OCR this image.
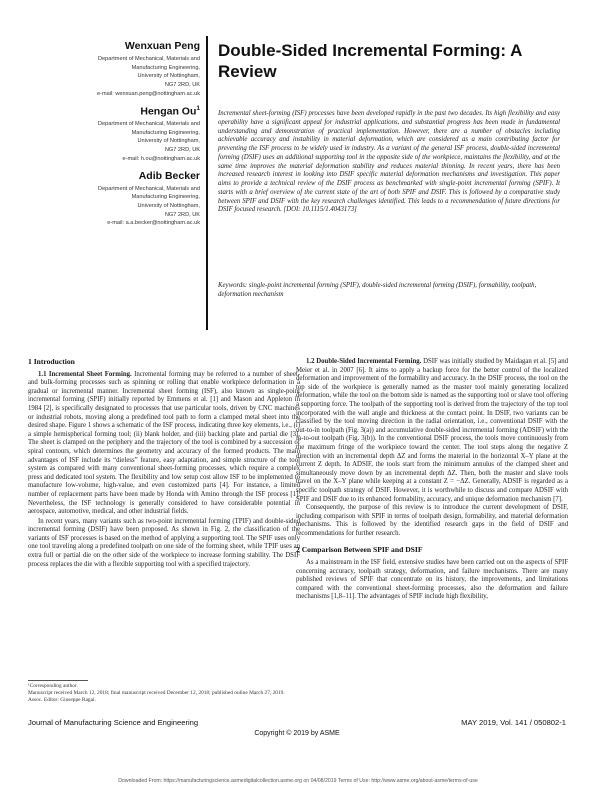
Wenxuan Peng
Department of Mechanical, Materials and
Manufacturing Engineering,
University of Nottingham,
NG7 2RD, UK
e-mail: wenxuan.peng@nottingham.ac.uk
Hengan Ou$^1$
Department of Mechanical, Materials and
Manufacturing Engineering,
University of Nottingham,
NG7 2RD, UK
e-mail: h.ou@nottingham.ac.uk
Adib Becker
Department of Mechanical, Materials and
Manufacturing Engineering,
University of Nottingham,
NG7 2RD, UK
e-mail: a.a.becker@nottingham.ac.uk
Double-Sided Incremental Forming: A Review
Incremental sheet-forming (ISF) processes have been developed rapidly in the past two decades. Its high flexibility and easy operability have a significant appeal for industrial applications, and substantial progress has been made in fundamental understanding and demonstration of practical implementation. However, there are a number of obstacles including achievable accuracy and instability in material deformation, which are considered as a main contributing factor for preventing the ISF process to be widely used in industry. As a variant of the general ISF process, double-sided incremental forming (DSIF) uses an additional supporting tool in the opposite side of the workpiece, maintains the flexibility, and at the same time improves the material deformation stability and reduces material thinning. In recent years, there has been increased research interest in looking into DSIF specific material deformation mechanisms and investigation. This paper aims to provide a technical review of the DSIF process as benchmarked with single-point incremental forming (SPIF). It starts with a brief overview of the current state of the art of both SPIF and DSIF. This is followed by a comparative study between SPIF and DSIF with the key research challenges identified. This leads to a recommendation of future directions for DSIF focused research. [DOI: 10.1115/1.4043173]
Keywords: single-point incremental forming (SPIF), double-sided incremental forming (DSIF), formability, toolpath, deformation mechanism
1 Introduction

1.1 Incremental Sheet Forming. Incremental forming may be referred to a number of sheet- and bulk-forming processes such as spinning or rolling that enable workpiece deformation in a gradual or incremental manner. Incremental sheet forming (ISF), also known as single-point incremental forming (SPIF) initially reported by Emmens et al. [1] and Mason and Appleton in 1984 [2], is specifically designated to processes that use particular tools, driven by CNC machines or industrial robots, moving along a predefined tool path to form a clamped metal sheet into the desired shape. Figure 1 shows a schematic of the ISF process, indicating three key elements, i.e., (i) a simple hemispherical forming tool; (ii) blank holder, and (iii) backing plate and partial die [3]. The sheet is clamped on the periphery and the trajectory of the tool is combined by a succession of spiral contours, which determines the geometry and accuracy of the formed products. The main advantages of ISF include its “dieless” feature, easy adaptation, and simple structure of the tool system as compared with many conventional sheet-forming processes, which require a complex press and dedicated tool system. The flexibility and low setup cost allow ISF to be implemented to manufacture low-volume, high-value, and even customized parts [4]. For instance, a limited number of replacement parts have been made by Honda with Amino through the ISF process [1]. Nevertheless, the ISF technology is generally considered to have considerable potential in aerospace, automotive, medical, and other industrial fields.

In recent years, many variants such as two-point incremental forming (TPIF) and double-sided incremental forming (DSIF) have been proposed. As shown in Fig. 2, the classification of the variants of ISF processes is based on the method of applying a supporting tool. The SPIF uses only one tool traveling along a predefined toolpath on one side of the forming sheet, while TPIF uses an extra full or partial die on the other side of the workpiece to increase forming stability. The DSIF process replaces the die with a flexible supporting tool with a specified trajectory.

1.2 Double-Sided Incremental Forming. DSIF was initially studied by Maidagan et al. [5] and Meier et al. in 2007 [6]. It aims to apply a backup force for the better control of the localized deformation and improvement of the formability and accuracy. In the DSIF process, the tool on the top side of the workpiece is generally named as the master tool mainly generating localized deformation, while the tool on the bottom side is named as the supporting tool or slave tool offering a supporting force. The toolpath of the supporting tool is derived from the trajectory of the top tool incorporated with the wall angle and thickness at the contact point. In DSIF, two variants can be classified by the tool moving direction in the radial orientation, i.e., conventional DSIF with the out-to-in toolpath (Fig. 3(a)) and accumulative double-sided incremental forming (ADSIF) with the in-to-out toolpath (Fig. 3(b)). In the conventional DSIF process, the tools move continuously from the maximum fringe of the workpiece toward the center. The tool steps along the negative Z direction with an incremental depth ΔZ and forms the material in the horizontal X–Y plane at the current Z depth. In ADSIF, the tools start from the minimum annulus of the clamped sheet and simultaneously move down by an incremental depth ΔZ. Then, both the master and slave tools travel on the X–Y plane while keeping at a constant Z = −ΔZ. Generally, ADSIF is regarded as a specific toolpath strategy of DSIF. However, it is worthwhile to discuss and compare ADSIF with SPIF and DSIF due to its enhanced formability, accuracy, and unique deformation mechanism [7].

Consequently, the purpose of this review is to introduce the current development of DSIF, including comparison with SPIF in terms of toolpath design, formability, and material deformation mechanisms. This is followed by the identified research gaps in the field of DSIF and recommendations for further research.

2 Comparison Between SPIF and DSIF

As a mainstream in the ISF field, extensive studies have been carried out on the aspects of SPIF concerning accuracy, toolpath strategy, deformation, and failure mechanisms. There are many published reviews of SPIF that concentrate on its history, the improvements, and limitations compared with the conventional sheet-forming processes, also the deformation and failure mechanisms [1,8–11]. The advantages of SPIF include high flexibility,

¹Corresponding author.
Manuscript received March 12, 2018; final manuscript received December 12, 2018; published online March 27, 2019. Assoc. Editor: Giuseppe Ragai.
Journal of Manufacturing Science and Engineering	MAY 2019, Vol. 141 / 050802-1
Copyright © 2019 by ASME
Downloaded From: https://manufacturingscience.asmedigitalcollection.asme.org on 04/08/2019 Terms of Use: http://www.asme.org/about-asme/terms-of-use
